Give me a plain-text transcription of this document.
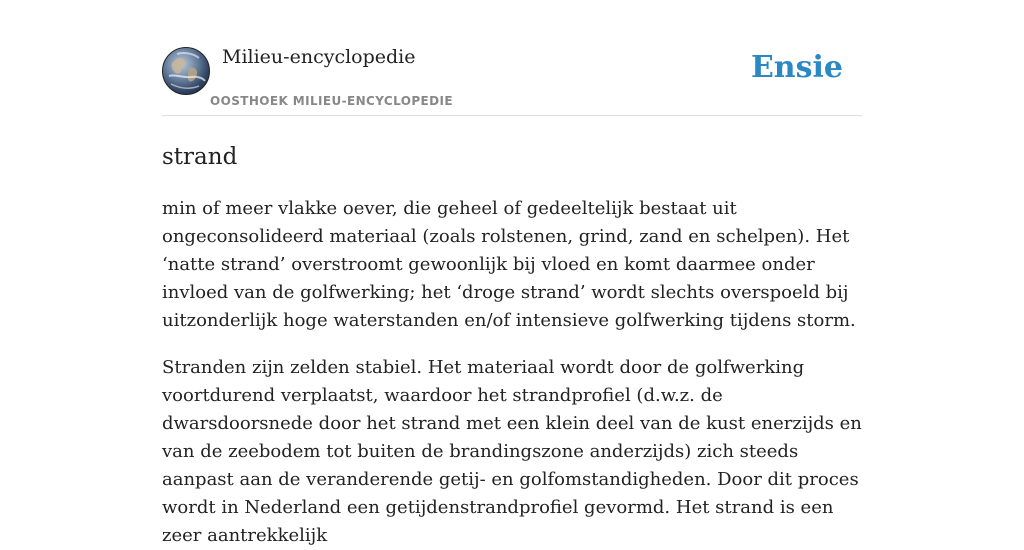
Milieu-encyclopedie
OOSTHOEK MILIEU-ENCYCLOPEDIE
Ensie
strand

min of meer vlakke oever, die geheel of gedeeltelijk bestaat uit ongeconsolideerd materiaal (zoals rolstenen, grind, zand en schelpen). Het ‘natte strand’ overstroomt gewoonlijk bij vloed en komt daarmee onder invloed van de golfwerking; het ‘droge strand’ wordt slechts overspoeld bij uitzonderlijk hoge waterstanden en/of intensieve golfwerking tijdens storm.

Stranden zijn zelden stabiel. Het materiaal wordt door de golfwerking voortdurend verplaatst, waardoor het strandprofiel (d.w.z. de dwarsdoorsnede door het strand met een klein deel van de kust enerzijds en van de zeebodem tot buiten de brandingszone anderzijds) zich steeds aanpast aan de veranderende getij- en golfomstandigheden. Door dit proces wordt in Nederland een getijdenstrandprofiel gevormd. Het strand is een zeer aantrekkelijk
